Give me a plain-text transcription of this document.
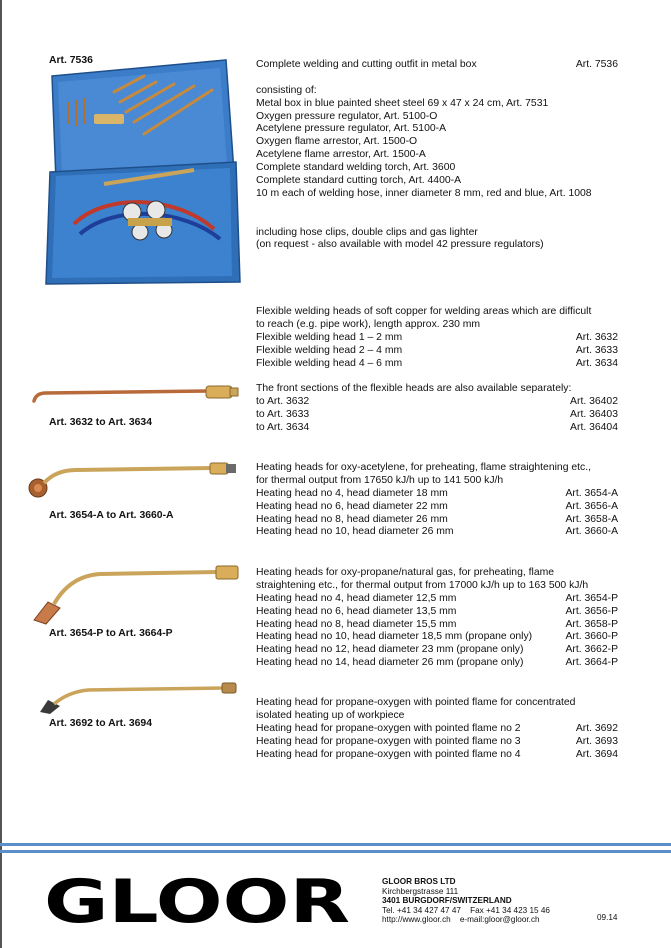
Art. 7536	Complete welding and cutting outfit in metal box	Art. 7536
consisting of:
Metal box in blue painted sheet steel 69 x 47 x 24 cm, Art. 7531
Oxygen pressure regulator, Art. 5100-O
Acetylene pressure regulator, Art. 5100-A
Oxygen flame arrestor, Art. 1500-O
Acetylene flame arrestor, Art. 1500-A
Complete standard welding torch, Art. 3600
Complete standard cutting torch, Art. 4400-A
10 m each of welding hose, inner diameter 8 mm, red and blue, Art. 1008
including hose clips, double clips and gas lighter
(on request - also available with model 42 pressure regulators)
Art. 3632 to Art. 3634
Flexible welding heads of soft copper for welding areas which are difficult
to reach (e.g. pipe work), length approx. 230 mm
Flexible welding head 1 – 2 mm	Art. 3632
Flexible welding head 2 – 4 mm	Art. 3633
Flexible welding head 4 – 6 mm	Art. 3634
The front sections of the flexible heads are also available separately:
to Art. 3632	Art. 36402
to Art. 3633	Art. 36403
to Art. 3634	Art. 36404
Art. 3654-A to Art. 3660-A
Heating heads for oxy-acetylene, for preheating, flame straightening etc.,
for thermal output from 17650 kJ/h up to 141 500 kJ/h
Heating head no 4, head diameter 18 mm	Art. 3654-A
Heating head no 6, head diameter 22 mm	Art. 3656-A
Heating head no 8, head diameter 26 mm	Art. 3658-A
Heating head no 10, head diameter 26 mm	Art. 3660-A
Art. 3654-P to Art. 3664-P
Heating heads for oxy-propane/natural gas, for preheating, flame
straightening etc., for thermal output from 17000 kJ/h up to 163 500 kJ/h
Heating head no 4, head diameter 12,5 mm	Art. 3654-P
Heating head no 6, head diameter 13,5 mm	Art. 3656-P
Heating head no 8, head diameter 15,5 mm	Art. 3658-P
Heating head no 10, head diameter 18,5 mm (propane only)	Art. 3660-P
Heating head no 12, head diameter 23 mm (propane only)	Art. 3662-P
Heating head no 14, head diameter 26 mm (propane only)	Art. 3664-P
Art. 3692 to Art. 3694
Heating head for propane-oxygen with pointed flame for concentrated
isolated heating up of workpiece
Heating head for propane-oxygen with pointed flame no 2	Art. 3692
Heating head for propane-oxygen with pointed flame no 3	Art. 3693
Heating head for propane-oxygen with pointed flame no 4	Art. 3694
GLOOR	GLOOR BROS LTD
Kirchbergstrasse 111
3401 BURGDORF/SWITZERLAND
Tel. +41 34 427 47 47 Fax +41 34 423 15 46
http://www.gloor.ch e-mail:gloor@gloor.ch	09.14
